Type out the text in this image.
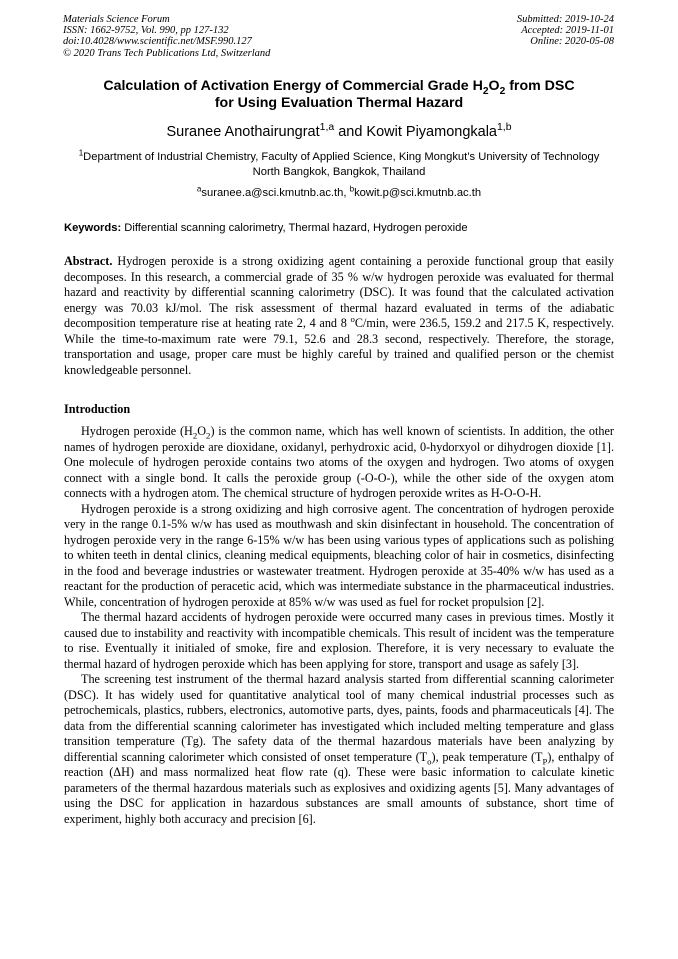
Materials Science Forum
ISSN: 1662-9752, Vol. 990, pp 127-132
doi:10.4028/www.scientific.net/MSF.990.127
© 2020 Trans Tech Publications Ltd, Switzerland
Submitted: 2019-10-24
Accepted: 2019-11-01
Online: 2020-05-08
Calculation of Activation Energy of Commercial Grade $H_2O_2$ from DSC
for Using Evaluation Thermal Hazard
Suranee Anothairungrat$^{1,a}$ and Kowit Piyamongkala$^{1,b}$
$^1$Department of Industrial Chemistry, Faculty of Applied Science, King Mongkut’s University of Technology North Bangkok, Bangkok, Thailand
$^a$suranee.a@sci.kmutnb.ac.th, $^b$kowit.p@sci.kmutnb.ac.th
Keywords: Differential scanning calorimetry, Thermal hazard, Hydrogen peroxide
Abstract. Hydrogen peroxide is a strong oxidizing agent containing a peroxide functional group that easily decomposes. In this research, a commercial grade of 35 % w/w hydrogen peroxide was evaluated for thermal hazard and reactivity by differential scanning calorimetry (DSC). It was found that the calculated activation energy was 70.03 kJ/mol. The risk assessment of thermal hazard evaluated in terms of the adiabatic decomposition temperature rise at heating rate 2, 4 and 8 $^o$C/min, were 236.5, 159.2 and 217.5 K, respectively. While the time-to-maximum rate were 79.1, 52.6 and 28.3 second, respectively. Therefore, the storage, transportation and usage, proper care must be highly careful by trained and qualified person or the chemist knowledgeable personnel.
Introduction

Hydrogen peroxide $(H_2O_2)$ is the common name, which has well known of scientists. In addition, the other names of hydrogen peroxide are dioxidane, oxidanyl, perhydroxic acid, 0-hydorxyol or dihydrogen dioxide [1]. One molecule of hydrogen peroxide contains two atoms of the oxygen and hydrogen. Two atoms of oxygen connect with a single bond. It calls the peroxide group (-O-O-), while the other side of the oxygen atom connects with a hydrogen atom. The chemical structure of hydrogen peroxide writes as H-O-O-H.

Hydrogen peroxide is a strong oxidizing and high corrosive agent. The concentration of hydrogen peroxide very in the range 0.1-5% w/w has used as mouthwash and skin disinfectant in household. The concentration of hydrogen peroxide very in the range 6-15% w/w has been using various types of applications such as polishing to whiten teeth in dental clinics, cleaning medical equipments, bleaching color of hair in cosmetics, disinfecting in the food and beverage industries or wastewater treatment. Hydrogen peroxide at 35-40% w/w has used as a reactant for the production of peracetic acid, which was intermediate substance in the pharmaceutical industries. While, concentration of hydrogen peroxide at 85% w/w was used as fuel for rocket propulsion [2].

The thermal hazard accidents of hydrogen peroxide were occurred many cases in previous times. Mostly it caused due to instability and reactivity with incompatible chemicals. This result of incident was the temperature to rise. Eventually it initialed of smoke, fire and explosion. Therefore, it is very necessary to evaluate the thermal hazard of hydrogen peroxide which has been applying for store, transport and usage as safely [3].

The screening test instrument of the thermal hazard analysis started from differential scanning calorimeter (DSC). It has widely used for quantitative analytical tool of many chemical industrial processes such as petrochemicals, plastics, rubbers, electronics, automotive parts, dyes, paints, foods and pharmaceuticals [4]. The data from the differential scanning calorimeter has investigated which included melting temperature and glass transition temperature (Tg). The safety data of the thermal hazardous materials have been analyzing by differential scanning calorimeter which consisted of onset temperature $(T_o)$, peak temperature $(T_P)$, enthalpy of reaction (ΔH) and mass normalized heat flow rate (q). These were basic information to calculate kinetic parameters of the thermal hazardous materials such as explosives and oxidizing agents [5]. Many advantages of using the DSC for application in hazardous substances are small amounts of substance, short time of experiment, highly both accuracy and precision [6].
